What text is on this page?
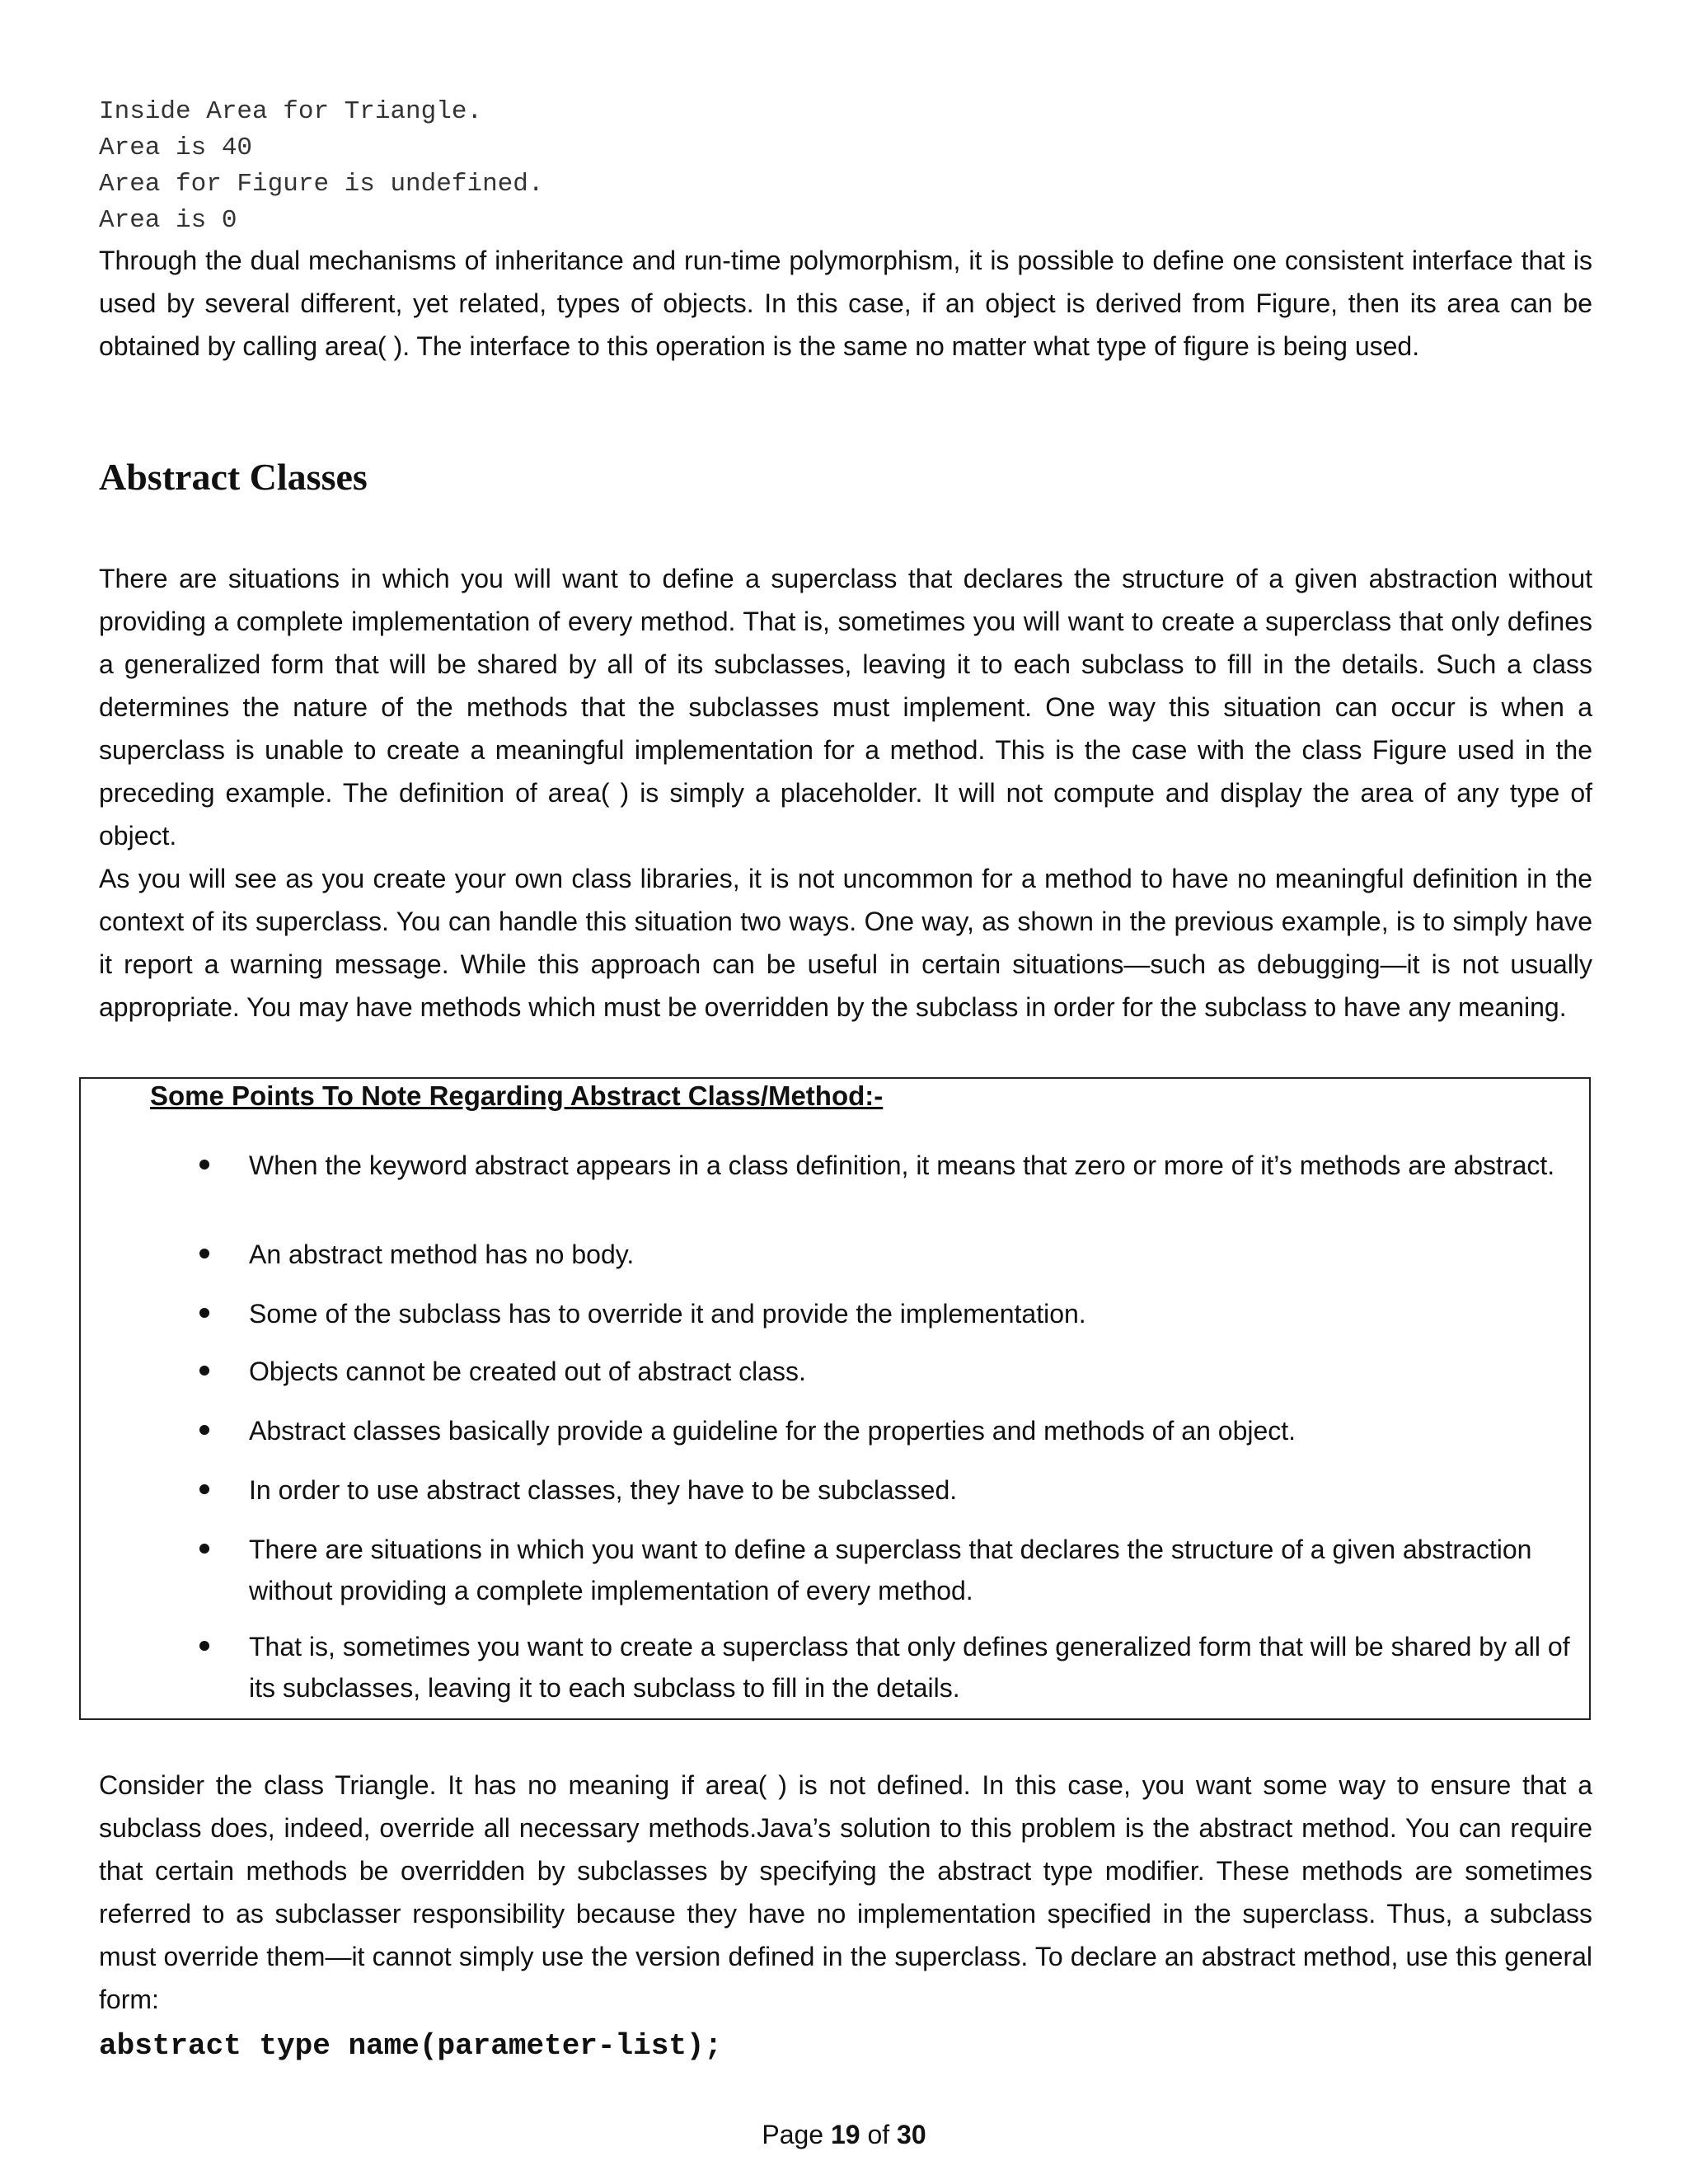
Inside Area for Triangle.
Area is 40
Area for Figure is undefined.
Area is 0

Through the dual mechanisms of inheritance and run-time polymorphism, it is possible to define one consistent interface that is used by several different, yet related, types of objects. In this case, if an object is derived from Figure, then its area can be obtained by calling area( ). The interface to this operation is the same no matter what type of figure is being used.

Abstract Classes

There are situations in which you will want to define a superclass that declares the structure of a given abstraction without providing a complete implementation of every method. That is, sometimes you will want to create a superclass that only defines a generalized form that will be shared by all of its subclasses, leaving it to each subclass to fill in the details. Such a class determines the nature of the methods that the subclasses must implement. One way this situation can occur is when a superclass is unable to create a meaningful implementation for a method. This is the case with the class Figure used in the preceding example. The definition of area( ) is simply a placeholder. It will not compute and display the area of any type of object.

As you will see as you create your own class libraries, it is not uncommon for a method to have no meaningful definition in the context of its superclass. You can handle this situation two ways. One way, as shown in the previous example, is to simply have it report a warning message. While this approach can be useful in certain situations—such as debugging—it is not usually appropriate. You may have methods which must be overridden by the subclass in order for the subclass to have any meaning.

Some Points To Note Regarding Abstract Class/Method:-

When the keyword abstract appears in a class definition, it means that zero or more of it’s methods are abstract.

An abstract method has no body.

Some of the subclass has to override it and provide the implementation.

Objects cannot be created out of abstract class.

Abstract classes basically provide a guideline for the properties and methods of an object.

In order to use abstract classes, they have to be subclassed.

There are situations in which you want to define a superclass that declares the structure of a given abstraction without providing a complete implementation of every method.

That is, sometimes you want to create a superclass that only defines generalized form that will be shared by all of its subclasses, leaving it to each subclass to fill in the details.

Consider the class Triangle. It has no meaning if area( ) is not defined. In this case, you want some way to ensure that a subclass does, indeed, override all necessary methods.Java’s solution to this problem is the abstract method. You can require that certain methods be overridden by subclasses by specifying the abstract type modifier. These methods are sometimes referred to as subclasser responsibility because they have no implementation specified in the superclass. Thus, a subclass must override them—it cannot simply use the version defined in the superclass. To declare an abstract method, use this general form:

abstract type name(parameter-list);
Page 19 of 30
